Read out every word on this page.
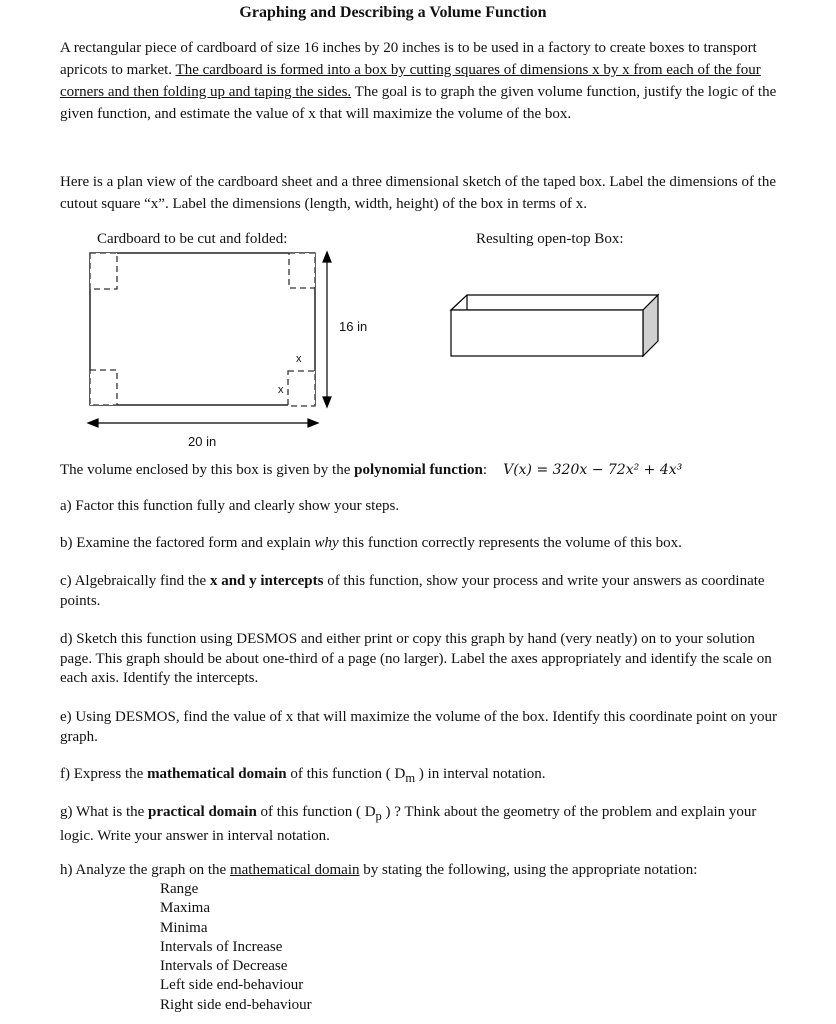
Graphing and Describing a Volume Function
A rectangular piece of cardboard of size 16 inches by 20 inches is to be used in a factory to create boxes to transport apricots to market. The cardboard is formed into a box by cutting squares of dimensions x by x from each of the four corners and then folding up and taping the sides. The goal is to graph the given volume function, justify the logic of the given function, and estimate the value of x that will maximize the volume of the box.
Here is a plan view of the cardboard sheet and a three dimensional sketch of the taped box. Label the dimensions of the cutout square “x”. Label the dimensions (length, width, height) of the box in terms of x.
Cardboard to be cut and folded:	Resulting open-top Box:
16 in
20 in
x
x
The volume enclosed by this box is given by the polynomial function: V(x) = 320x − 72x² + 4x³
a) Factor this function fully and clearly show your steps.
b) Examine the factored form and explain why this function correctly represents the volume of this box.
c) Algebraically find the x and y intercepts of this function, show your process and write your answers as coordinate points.
d) Sketch this function using DESMOS and either print or copy this graph by hand (very neatly) on to your solution page. This graph should be about one-third of a page (no larger). Label the axes appropriately and identify the scale on each axis. Identify the intercepts.
e) Using DESMOS, find the value of x that will maximize the volume of the box. Identify this coordinate point on your graph.
f) Express the mathematical domain of this function ( $D_m$ ) in interval notation.
g) What is the practical domain of this function ( $D_p$ ) ? Think about the geometry of the problem and explain your logic. Write your answer in interval notation.
h) Analyze the graph on the mathematical domain by stating the following, using the appropriate notation:
Range
Maxima
Minima
Intervals of Increase
Intervals of Decrease
Left side end-behaviour
Right side end-behaviour
